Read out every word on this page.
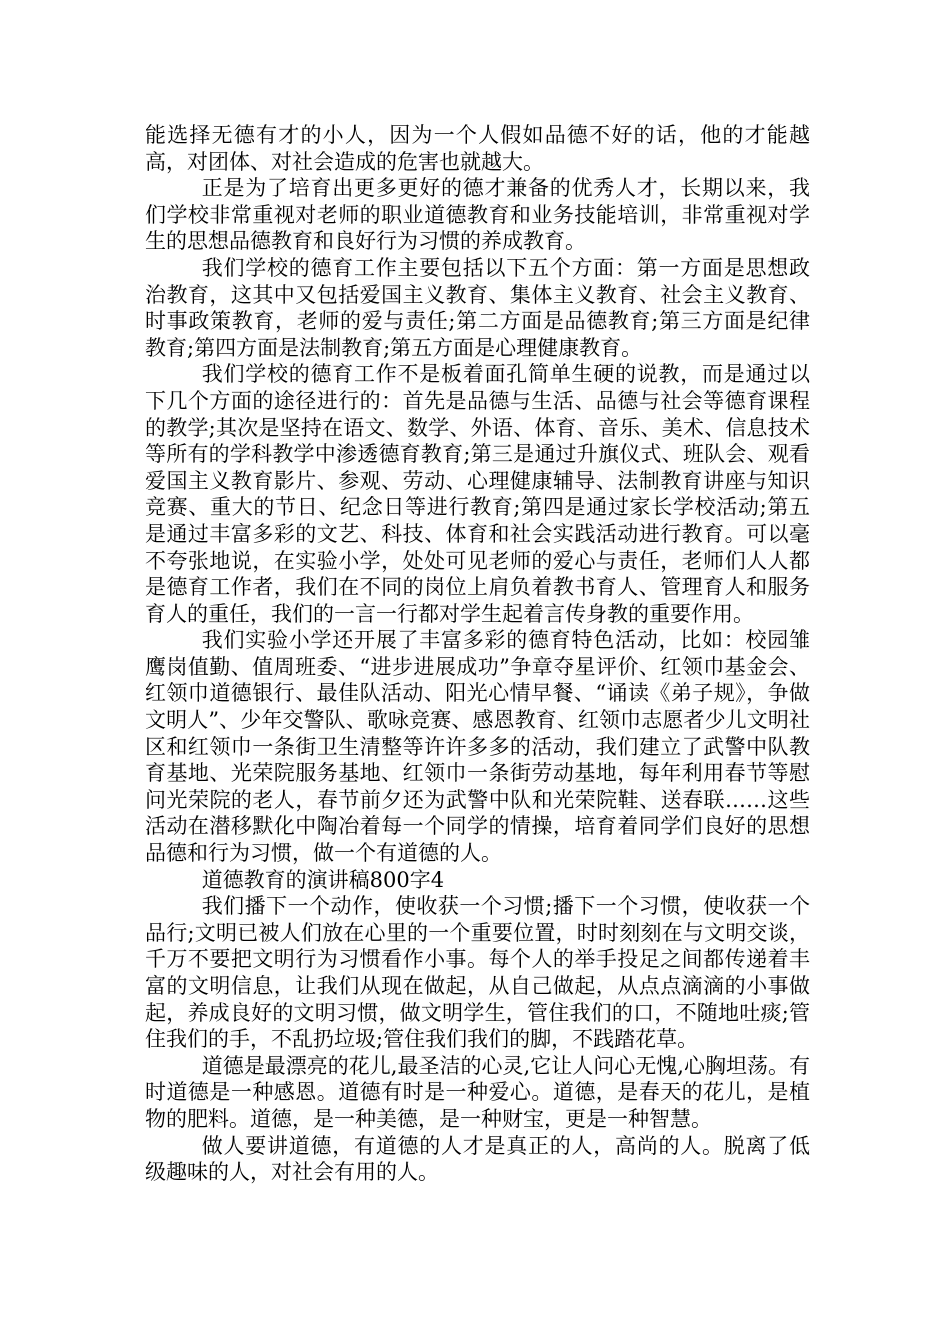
能选择无德有才的小人，因为一个人假如品德不好的话，他的才能越高，对团体、对社会造成的危害也就越大。

正是为了培育出更多更好的德才兼备的优秀人才，长期以来，我们学校非常重视对老师的职业道德教育和业务技能培训，非常重视对学生的思想品德教育和良好行为习惯的养成教育。

我们学校的德育工作主要包括以下五个方面：第一方面是思想政治教育，这其中又包括爱国主义教育、集体主义教育、社会主义教育、时事政策教育，老师的爱与责任;第二方面是品德教育;第三方面是纪律教育;第四方面是法制教育;第五方面是心理健康教育。

我们学校的德育工作不是板着面孔简单生硬的说教，而是通过以下几个方面的途径进行的：首先是品德与生活、品德与社会等德育课程的教学;其次是坚持在语文、数学、外语、体育、音乐、美术、信息技术等所有的学科教学中渗透德育教育;第三是通过升旗仪式、班队会、观看爱国主义教育影片、参观、劳动、心理健康辅导、法制教育讲座与知识竞赛、重大的节日、纪念日等进行教育;第四是通过家长学校活动;第五是通过丰富多彩的文艺、科技、体育和社会实践活动进行教育。可以毫不夸张地说，在实验小学，处处可见老师的爱心与责任，老师们人人都是德育工作者，我们在不同的岗位上肩负着教书育人、管理育人和服务育人的重任，我们的一言一行都对学生起着言传身教的重要作用。

我们实验小学还开展了丰富多彩的德育特色活动，比如：校园雏鹰岗值勤、值周班委、“进步进展成功”争章夺星评价、红领巾基金会、红领巾道德银行、最佳队活动、阳光心情早餐、“诵读《弟子规》，争做文明人”、少年交警队、歌咏竞赛、感恩教育、红领巾志愿者少儿文明社区和红领巾一条街卫生清整等许许多多的活动，我们建立了武警中队教育基地、光荣院服务基地、红领巾一条街劳动基地，每年利用春节等慰问光荣院的老人，春节前夕还为武警中队和光荣院鞋、送春联……这些活动在潜移默化中陶冶着每一个同学的情操，培育着同学们良好的思想品德和行为习惯，做一个有道德的人。

道德教育的演讲稿800字4

我们播下一个动作，使收获一个习惯;播下一个习惯，使收获一个品行;文明已被人们放在心里的一个重要位置，时时刻刻在与文明交谈，千万不要把文明行为习惯看作小事。每个人的举手投足之间都传递着丰富的文明信息，让我们从现在做起，从自己做起，从点点滴滴的小事做起，养成良好的文明习惯，做文明学生，管住我们的口，不随地吐痰;管住我们的手，不乱扔垃圾;管住我们我们的脚，不践踏花草。

道德是最漂亮的花儿,最圣洁的心灵,它让人问心无愧,心胸坦荡。有时道德是一种感恩。道德有时是一种爱心。道德，是春天的花儿，是植物的肥料。道德，是一种美德，是一种财宝，更是一种智慧。

做人要讲道德，有道德的人才是真正的人，高尚的人。脱离了低级趣味的人，对社会有用的人。
